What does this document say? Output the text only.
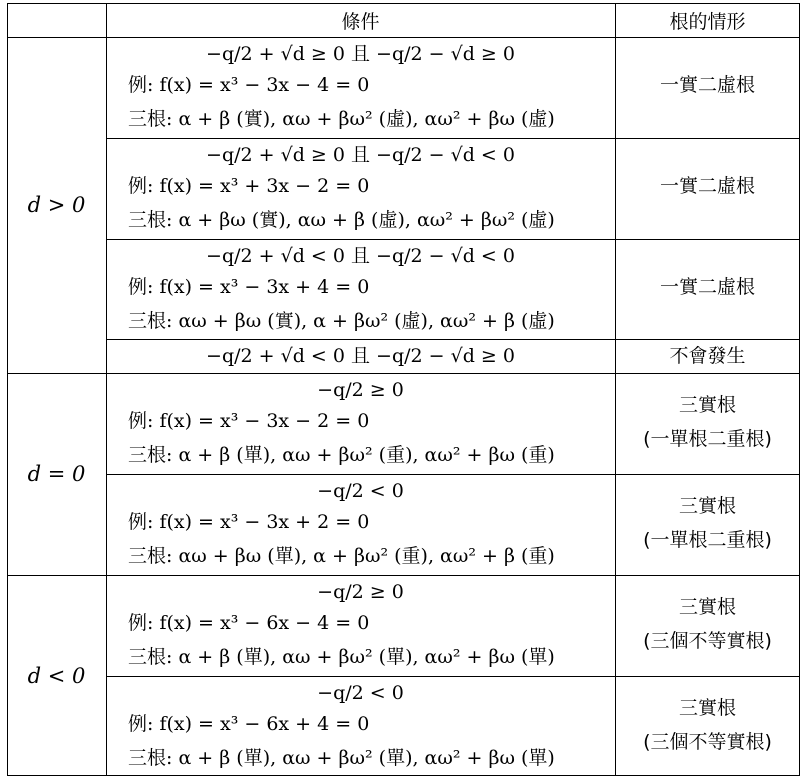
條件	根的情形
d > 0
d = 0
d < 0
−q/2 + √d ≥ 0 且 −q/2 − √d ≥ 0
例: f(x) = x³ − 3x − 4 = 0
三根: α + β (實), αω + βω² (虛), αω² + βω (虛)
一實二虛根
−q/2 + √d ≥ 0 且 −q/2 − √d < 0
例: f(x) = x³ + 3x − 2 = 0
三根: α + βω (實), αω + β (虛), αω² + βω² (虛)
一實二虛根
−q/2 + √d < 0 且 −q/2 − √d < 0
例: f(x) = x³ − 3x + 4 = 0
三根: αω + βω (實), α + βω² (虛), αω² + β (虛)
一實二虛根
−q/2 + √d < 0 且 −q/2 − √d ≥ 0	不會發生
−q/2 ≥ 0
例: f(x) = x³ − 3x − 2 = 0
三根: α + β (單), αω + βω² (重), αω² + βω (重)
三實根
(一單根二重根)
−q/2 < 0
例: f(x) = x³ − 3x + 2 = 0
三根: αω + βω (單), α + βω² (重), αω² + β (重)
三實根
(一單根二重根)
−q/2 ≥ 0
例: f(x) = x³ − 6x − 4 = 0
三根: α + β (單), αω + βω² (單), αω² + βω (單)
三實根
(三個不等實根)
−q/2 < 0
例: f(x) = x³ − 6x + 4 = 0
三根: α + β (單), αω + βω² (單), αω² + βω (單)
三實根
(三個不等實根)
